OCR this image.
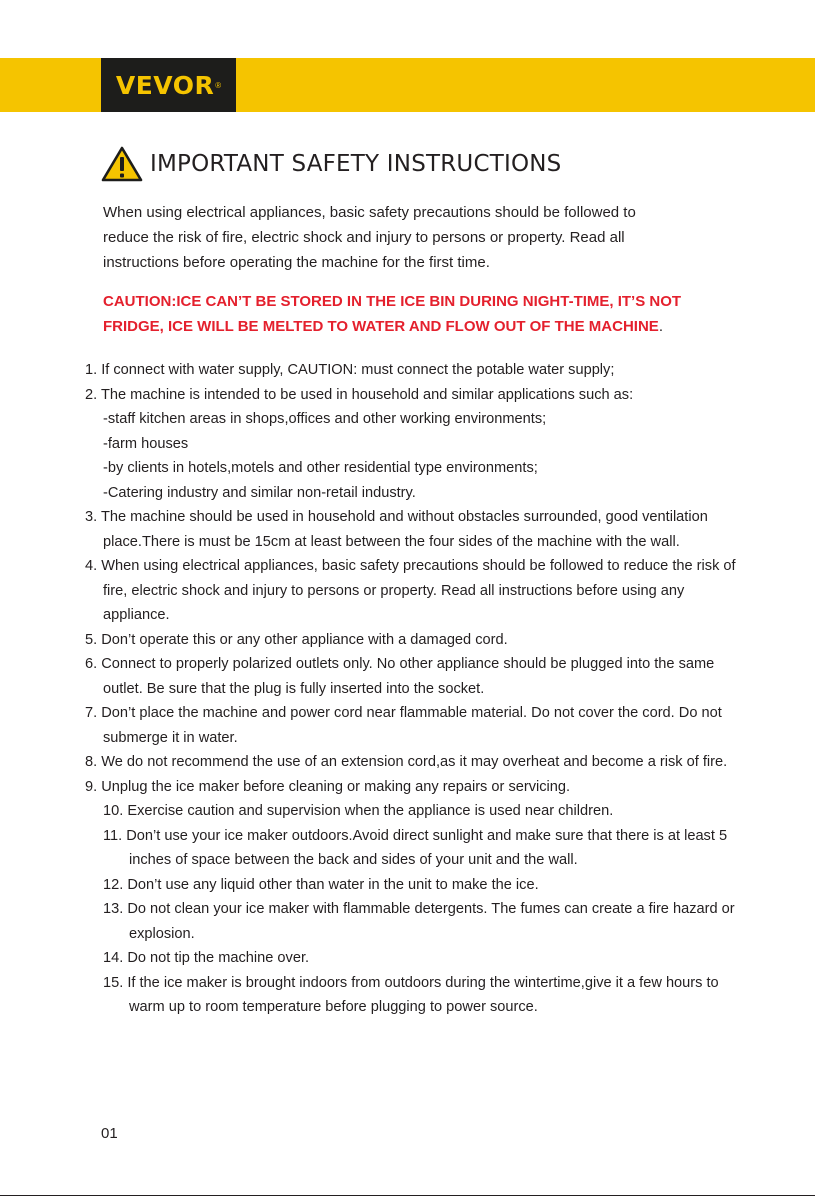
VEVOR ®
IMPORTANT SAFETY INSTRUCTIONS

When using electrical appliances, basic safety precautions should be followed to
reduce the risk of fire, electric shock and injury to persons or property. Read all
instructions before operating the machine for the first time.

CAUTION:ICE CAN’T BE STORED IN THE ICE BIN DURING NIGHT-TIME, IT’S NOT FRIDGE, ICE WILL BE MELTED TO WATER AND FLOW OUT OF THE MACHINE.

1. If connect with water supply, CAUTION: must connect the potable water supply;
2. The machine is intended to be used in household and similar applications such as:
-staff kitchen areas in shops,offices and other working environments;
-farm houses
-by clients in hotels,motels and other residential type environments;
-Catering industry and similar non-retail industry.
3. The machine should be used in household and without obstacles surrounded, good ventilation place.There is must be 15cm at least between the four sides of the machine with the wall.
4. When using electrical appliances, basic safety precautions should be followed to reduce the risk of fire, electric shock and injury to persons or property. Read all instructions before using any appliance.
5. Don’t operate this or any other appliance with a damaged cord.
6. Connect to properly polarized outlets only. No other appliance should be plugged into the same outlet. Be sure that the plug is fully inserted into the socket.
7. Don’t place the machine and power cord near flammable material. Do not cover the cord. Do not submerge it in water.
8. We do not recommend the use of an extension cord,as it may overheat and become a risk of fire.
9. Unplug the ice maker before cleaning or making any repairs or servicing.
10. Exercise caution and supervision when the appliance is used near children.
11. Don’t use your ice maker outdoors.Avoid direct sunlight and make sure that there is at least 5 inches of space between the back and sides of your unit and the wall.
12. Don’t use any liquid other than water in the unit to make the ice.
13. Do not clean your ice maker with flammable detergents. The fumes can create a fire hazard or explosion.
14. Do not tip the machine over.
15. If the ice maker is brought indoors from outdoors during the wintertime,give it a few hours to warm up to room temperature before plugging to power source.
01
